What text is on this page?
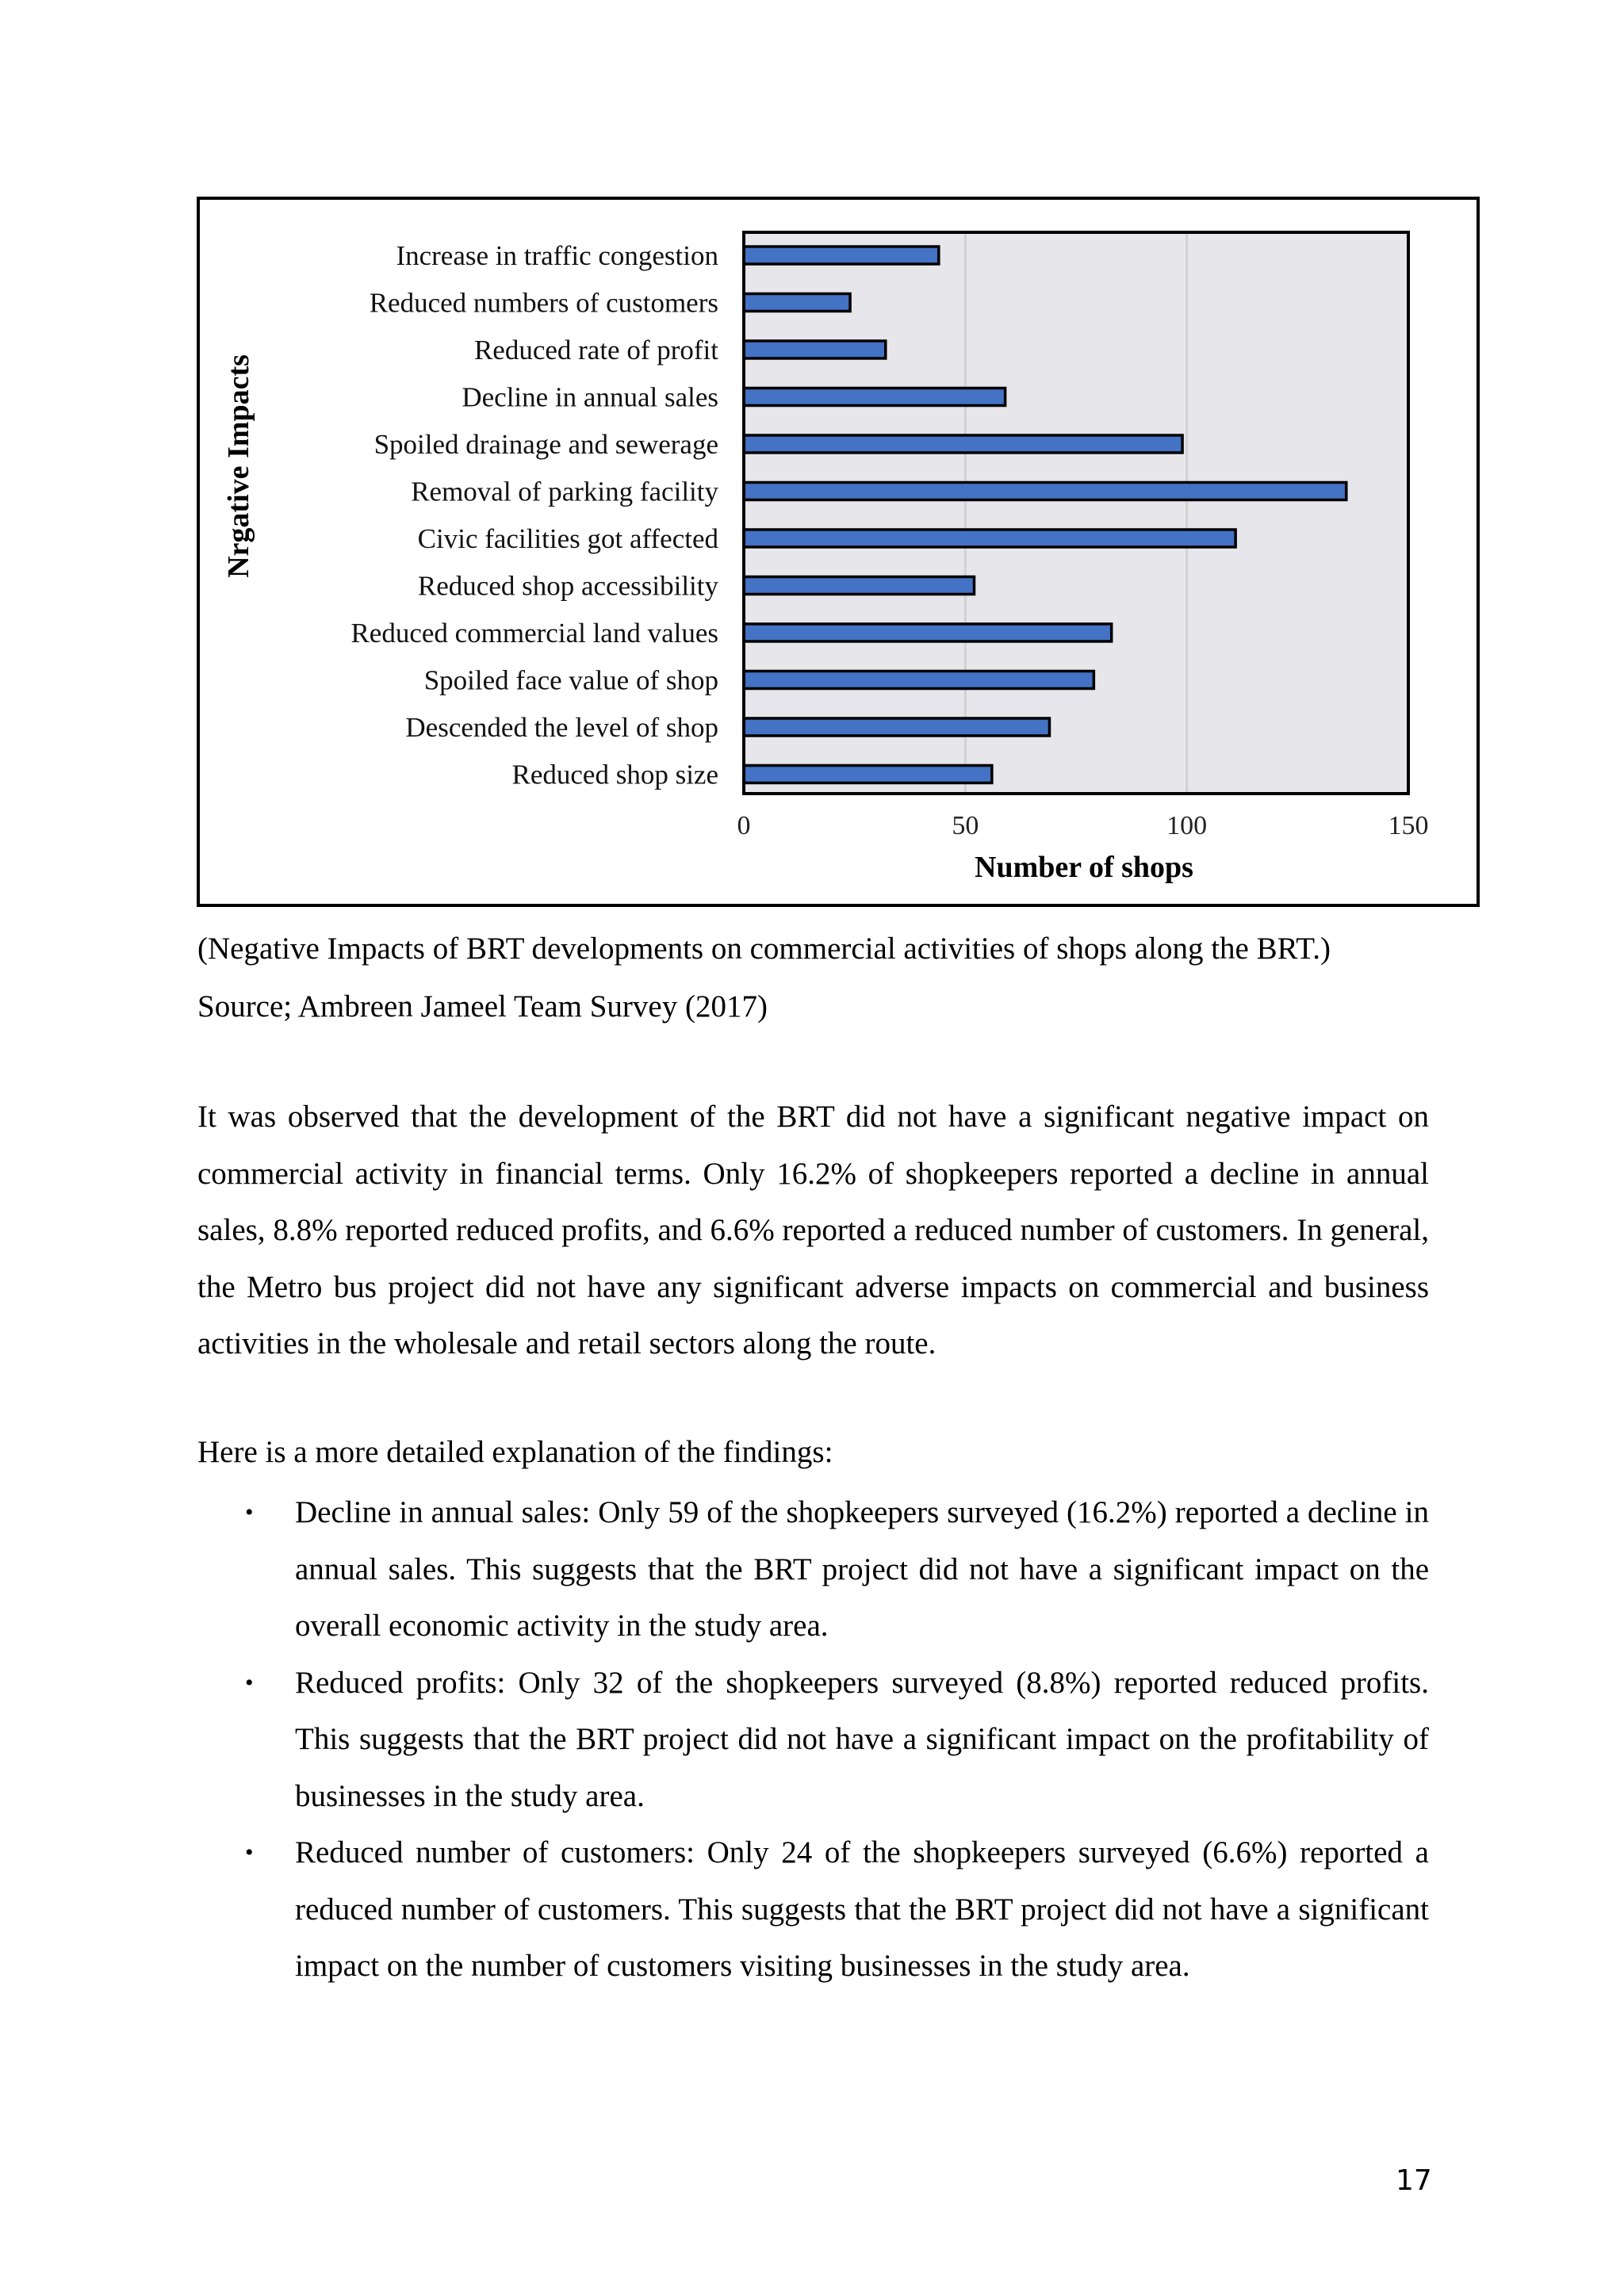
Increase in traffic congestion
Reduced numbers of customers
Reduced rate of profit
Decline in annual sales
Spoiled drainage and sewerage
Removal of parking facility
Civic facilities got affected
Reduced shop accessibility
Reduced commercial land values
Spoiled face value of shop
Descended the level of shop
Reduced shop size
0	50	100	150
Number of shops
Nrgative Impacts
(Negative Impacts of BRT developments on commercial activities of shops along the BRT.)
Source; Ambreen Jameel Team Survey (2017)

It was observed that the development of the BRT did not have a significant negative impact on commercial activity in financial terms. Only 16.2% of shopkeepers reported a decline in annual sales, 8.8% reported reduced profits, and 6.6% reported a reduced number of customers. In general, the Metro bus project did not have any significant adverse impacts on commercial and business activities in the wholesale and retail sectors along the route.

Here is a more detailed explanation of the findings:
• Decline in annual sales: Only 59 of the shopkeepers surveyed (16.2%) reported a decline in annual sales. This suggests that the BRT project did not have a significant impact on the overall economic activity in the study area.
• Reduced profits: Only 32 of the shopkeepers surveyed (8.8%) reported reduced profits. This suggests that the BRT project did not have a significant impact on the profitability of businesses in the study area.
• Reduced number of customers: Only 24 of the shopkeepers surveyed (6.6%) reported a reduced number of customers. This suggests that the BRT project did not have a significant impact on the number of customers visiting businesses in the study area.
17
